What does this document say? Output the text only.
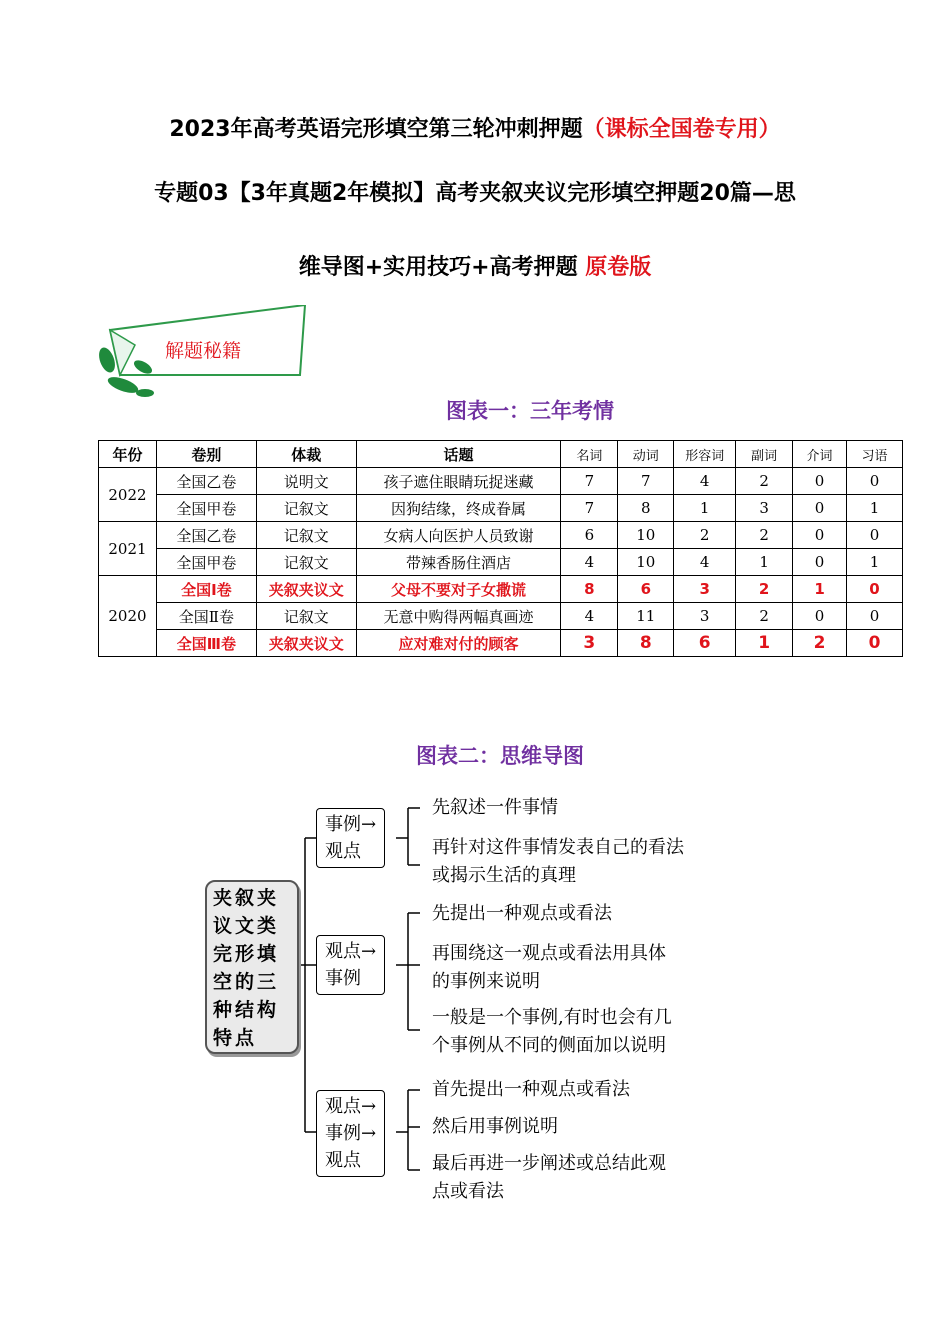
2023年高考英语完形填空第三轮冲刺押题（课标全国卷专用）
专题03【3年真题2年模拟】高考夹叙夹议完形填空押题20篇—思
维导图+实用技巧+高考押题 原卷版
解题秘籍
图表一：三年考情
年份	卷别	体裁	话题	名词	动词	形容词	副词	介词	习语
2022	全国乙卷	说明文	孩子遮住眼睛玩捉迷藏	7	7	4	2	0	0
	全国甲卷	记叙文	因狗结缘，终成眷属	7	8	1	3	0	1
2021	全国乙卷	记叙文	女病人向医护人员致谢	6	10	2	2	0	0
	全国甲卷	记叙文	带辣香肠住酒店	4	10	4	1	0	1
2020	全国Ⅰ卷	夹叙夹议文	父母不要对子女撒谎	8	6	3	2	1	0
	全国Ⅱ卷	记叙文	无意中购得两幅真画迹	4	11	3	2	0	0
	全国Ⅲ卷	夹叙夹议文	应对难对付的顾客	3	8	6	1	2	0
图表二：思维导图
夹叙夹议文类完形填空的三种结构特点
事例→
观点
先叙述一件事情
再针对这件事情发表自己的看法
或揭示生活的真理
观点→
事例
先提出一种观点或看法
再围绕这一观点或看法用具体
的事例来说明
一般是一个事例,有时也会有几
个事例从不同的侧面加以说明
观点→
事例→
观点
首先提出一种观点或看法
然后用事例说明
最后再进一步阐述或总结此观
点或看法
